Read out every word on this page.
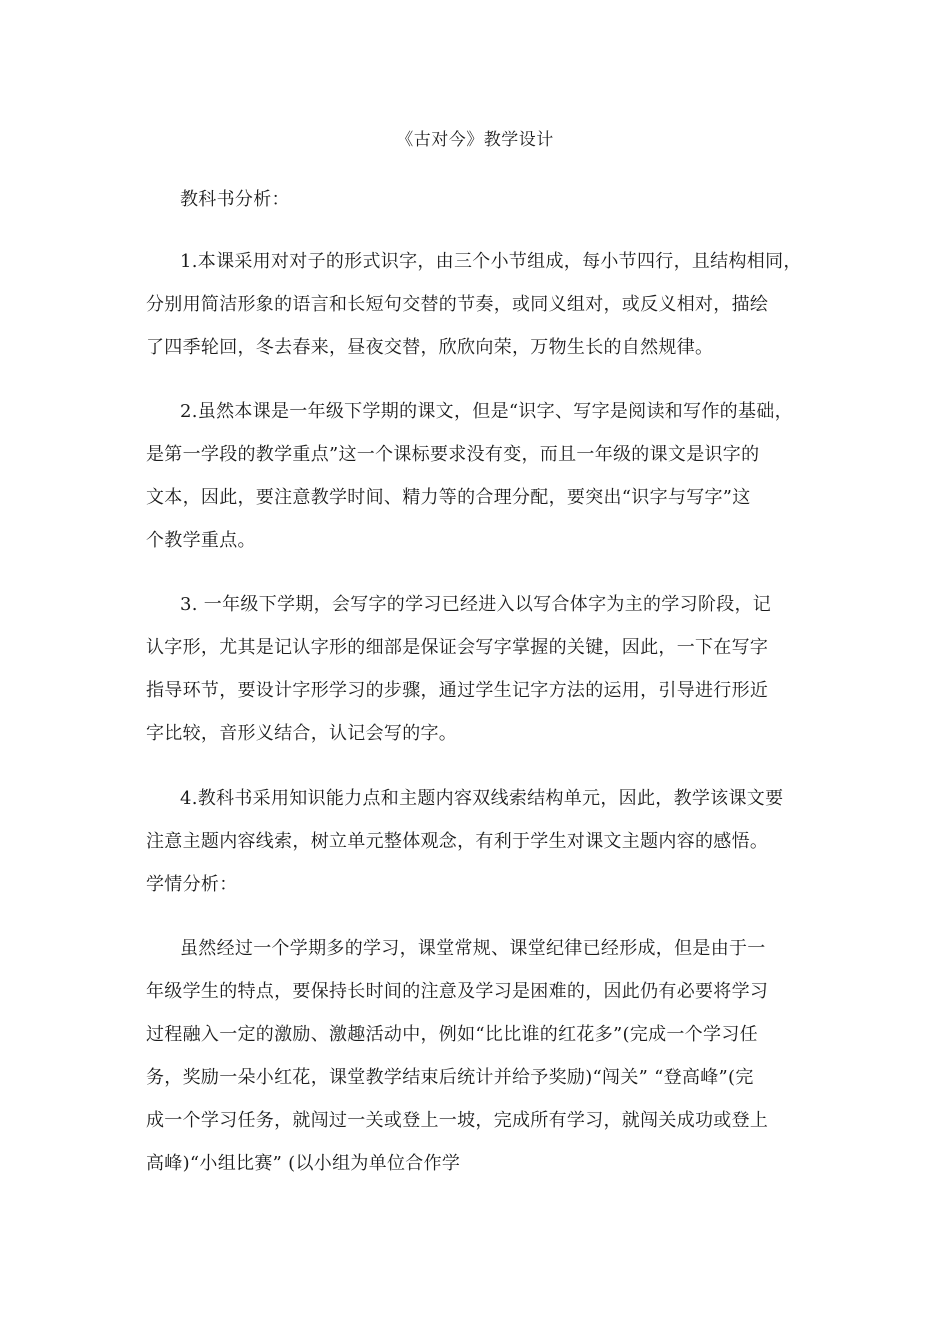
《古对今》教学设计
教科书分析：
1.本课采用对对子的形式识字，由三个小节组成，每小节四行，且结构相同，
分别用简洁形象的语言和长短句交替的节奏，或同义组对，或反义相对，描绘
了四季轮回，冬去春来，昼夜交替，欣欣向荣，万物生长的自然规律。
2.虽然本课是一年级下学期的课文，但是“识字、写字是阅读和写作的基础，
是第一学段的教学重点”这一个课标要求没有变，而且一年级的课文是识字的
文本，因此，要注意教学时间、精力等的合理分配，要突出“识字与写字”这
个教学重点。
3. 一年级下学期，会写字的学习已经进入以写合体字为主的学习阶段，记
认字形，尤其是记认字形的细部是保证会写字掌握的关键，因此，一下在写字
指导环节，要设计字形学习的步骤，通过学生记字方法的运用，引导进行形近
字比较，音形义结合，认记会写的字。
4.教科书采用知识能力点和主题内容双线索结构单元，因此，教学该课文要
注意主题内容线索，树立单元整体观念，有利于学生对课文主题内容的感悟。
学情分析：
虽然经过一个学期多的学习，课堂常规、课堂纪律已经形成，但是由于一
年级学生的特点，要保持长时间的注意及学习是困难的，因此仍有必要将学习
过程融入一定的激励、激趣活动中，例如“比比谁的红花多”(完成一个学习任
务，奖励一朵小红花，课堂教学结束后统计并给予奖励)“闯关” “登高峰”(完
成一个学习任务，就闯过一关或登上一坡，完成所有学习，就闯关成功或登上
高峰)“小组比赛” (以小组为单位合作学
